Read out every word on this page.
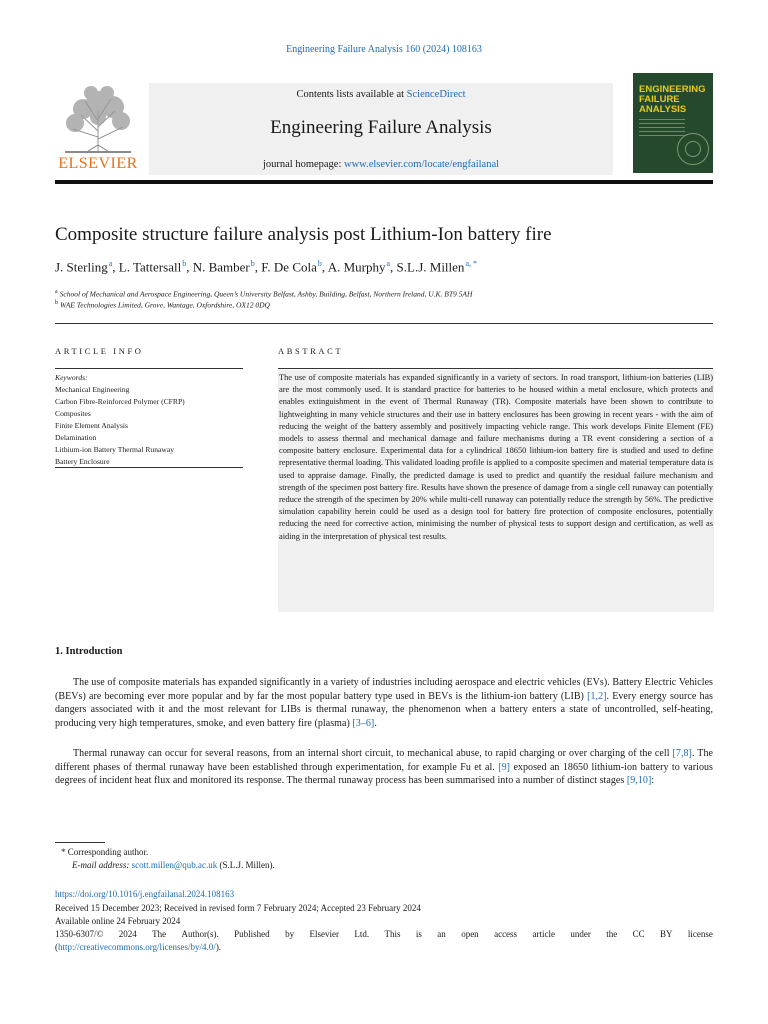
Engineering Failure Analysis 160 (2024) 108163
ELSEVIER
Contents lists available at ScienceDirect
Engineering Failure Analysis
journal homepage: www.elsevier.com/locate/engfailanal
ENGINEERING
FAILURE
ANALYSIS
Composite structure failure analysis post Lithium-Ion battery fire
J. Sterling$^a$, L. Tattersall$^b$, N. Bamber$^b$, F. De Cola$^b$, A. Murphy$^a$, S.L.J. Millen$^{a, *}$
$^a$ School of Mechanical and Aerospace Engineering, Queen’s University Belfast, Ashby, Building, Belfast, Northern Ireland, U.K. BT9 5AH
$^b$ WAE Technologies Limited, Grove, Wantage, Oxfordshire, OX12 0DQ
ARTICLE INFO	ABSTRACT
Keywords:
Mechanical Engineering
Carbon Fibre-Reinforced Polymer (CFRP)
Composites
Finite Element Analysis
Delamination
Lithium-ion Battery Thermal Runaway
Battery Enclosure
The use of composite materials has expanded significantly in a variety of sectors. In road transport, lithium-ion batteries (LIB) are the most commonly used. It is standard practice for batteries to be housed within a metal enclosure, which protects and enables extinguishment in the event of Thermal Runaway (TR). Composite materials have been shown to contribute to lightweighting in many vehicle structures and their use in battery enclosures has been growing in recent years - with the aim of reducing the weight of the battery assembly and positively impacting vehicle range. This work develops Finite Element (FE) models to assess thermal and mechanical damage and failure mechanisms during a TR event considering a section of a composite battery enclosure. Experimental data for a cylindrical 18650 lithium-ion battery fire is studied and used to define representative thermal loading. This validated loading profile is applied to a composite specimen and material temperature data is used to appraise damage. Finally, the predicted damage is used to predict and quantify the residual failure mechanism and strength of the specimen post battery fire. Results have shown the presence of damage from a single cell runaway can potentially reduce the strength of the specimen by 20% while multi-cell runaway can potentially reduce the strength by 56%. The predictive simulation capability herein could be used as a design tool for battery fire protection of composite enclosures, potentially reducing the need for corrective action, minimising the number of physical tests to support design and certification, as well as aiding in the interpretation of physical test results.
1. Introduction
The use of composite materials has expanded significantly in a variety of industries including aerospace and electric vehicles (EVs). Battery Electric Vehicles (BEVs) are becoming ever more popular and by far the most popular battery type used in BEVs is the lithium-ion battery (LIB) [1,2]. Every energy source has dangers associated with it and the most relevant for LIBs is thermal runaway, the phenomenon when a battery enters a state of uncontrolled, self-heating, producing very high temperatures, smoke, and even battery fire (plasma) [3–6].
Thermal runaway can occur for several reasons, from an internal short circuit, to mechanical abuse, to rapid charging or over charging of the cell [7,8]. The different phases of thermal runaway have been established through experimentation, for example Fu et al. [9] exposed an 18650 lithium-ion battery to various degrees of incident heat flux and monitored its response. The thermal runaway process has been summarised into a number of distinct stages [9,10]:
* Corresponding author.
E-mail address: scott.millen@qub.ac.uk (S.L.J. Millen).
https://doi.org/10.1016/j.engfailanal.2024.108163
Received 15 December 2023; Received in revised form 7 February 2024; Accepted 23 February 2024
Available online 24 February 2024
1350-6307/© 2024 The Author(s). Published by Elsevier Ltd. This is an open access article under the CC BY license
(http://creativecommons.org/licenses/by/4.0/).
